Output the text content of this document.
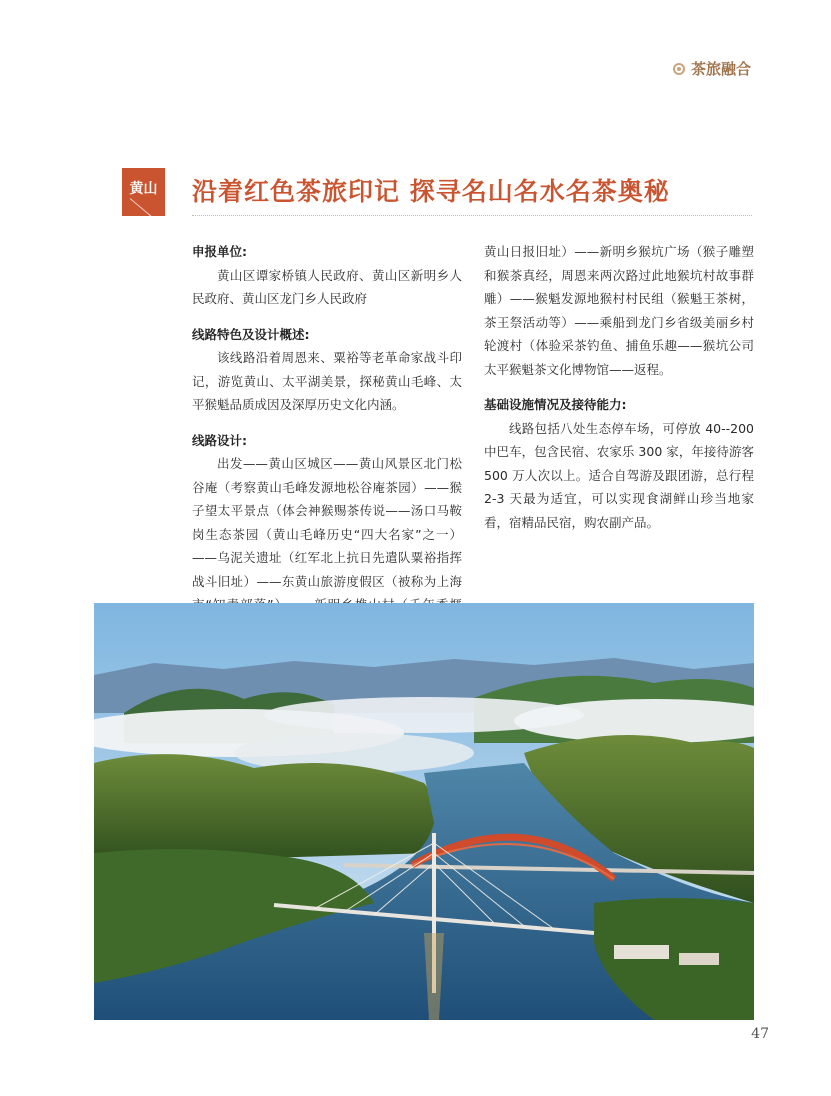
茶旅融合
黄山 沿着红色茶旅印记 探寻名山名水名茶奥秘
申报单位:

黄山区谭家桥镇人民政府、黄山区新明乡人民政府、黄山区龙门乡人民政府

线路特色及设计概述:

该线路沿着周恩来、粟裕等老革命家战斗印记，游览黄山、太平湖美景，探秘黄山毛峰、太平猴魁品质成因及深厚历史文化内涵。

线路设计:

出发——黄山区城区——黄山风景区北门松谷庵（考察黄山毛峰发源地松谷庵茶园）——猴子望太平景点（体会神猴赐茶传说——汤口马鞍岗生态茶园（黄山毛峰历史“四大名家”之一）——乌泥关遗址（红军北上抗日先遣队粟裕指挥战斗旧址）——东黄山旅游度假区（被称为上海

黄山日报旧址）——新明乡猴坑广场（猴子雕塑和猴茶真经，周恩来两次路过此地猴坑村故事群雕）——猴魁发源地猴村村民组（猴魁王茶树，茶王祭活动等）——乘船到龙门乡省级美丽乡村轮渡村（体验采茶钓鱼、捕鱼乐趣——猴坑公司太平猴魁茶文化博物馆——返程。

基础设施情况及接待能力:

线路包括八处生态停车场，可停放 40--200 中巴车，包含民宿、农家乐 300 家，年接待游客 500 万人次以上。适合自驾游及跟团游，总行程 2-3 天最为适宜，可以实现食湖鲜山珍当地家看，宿精品民宿，购农副产品。

47
